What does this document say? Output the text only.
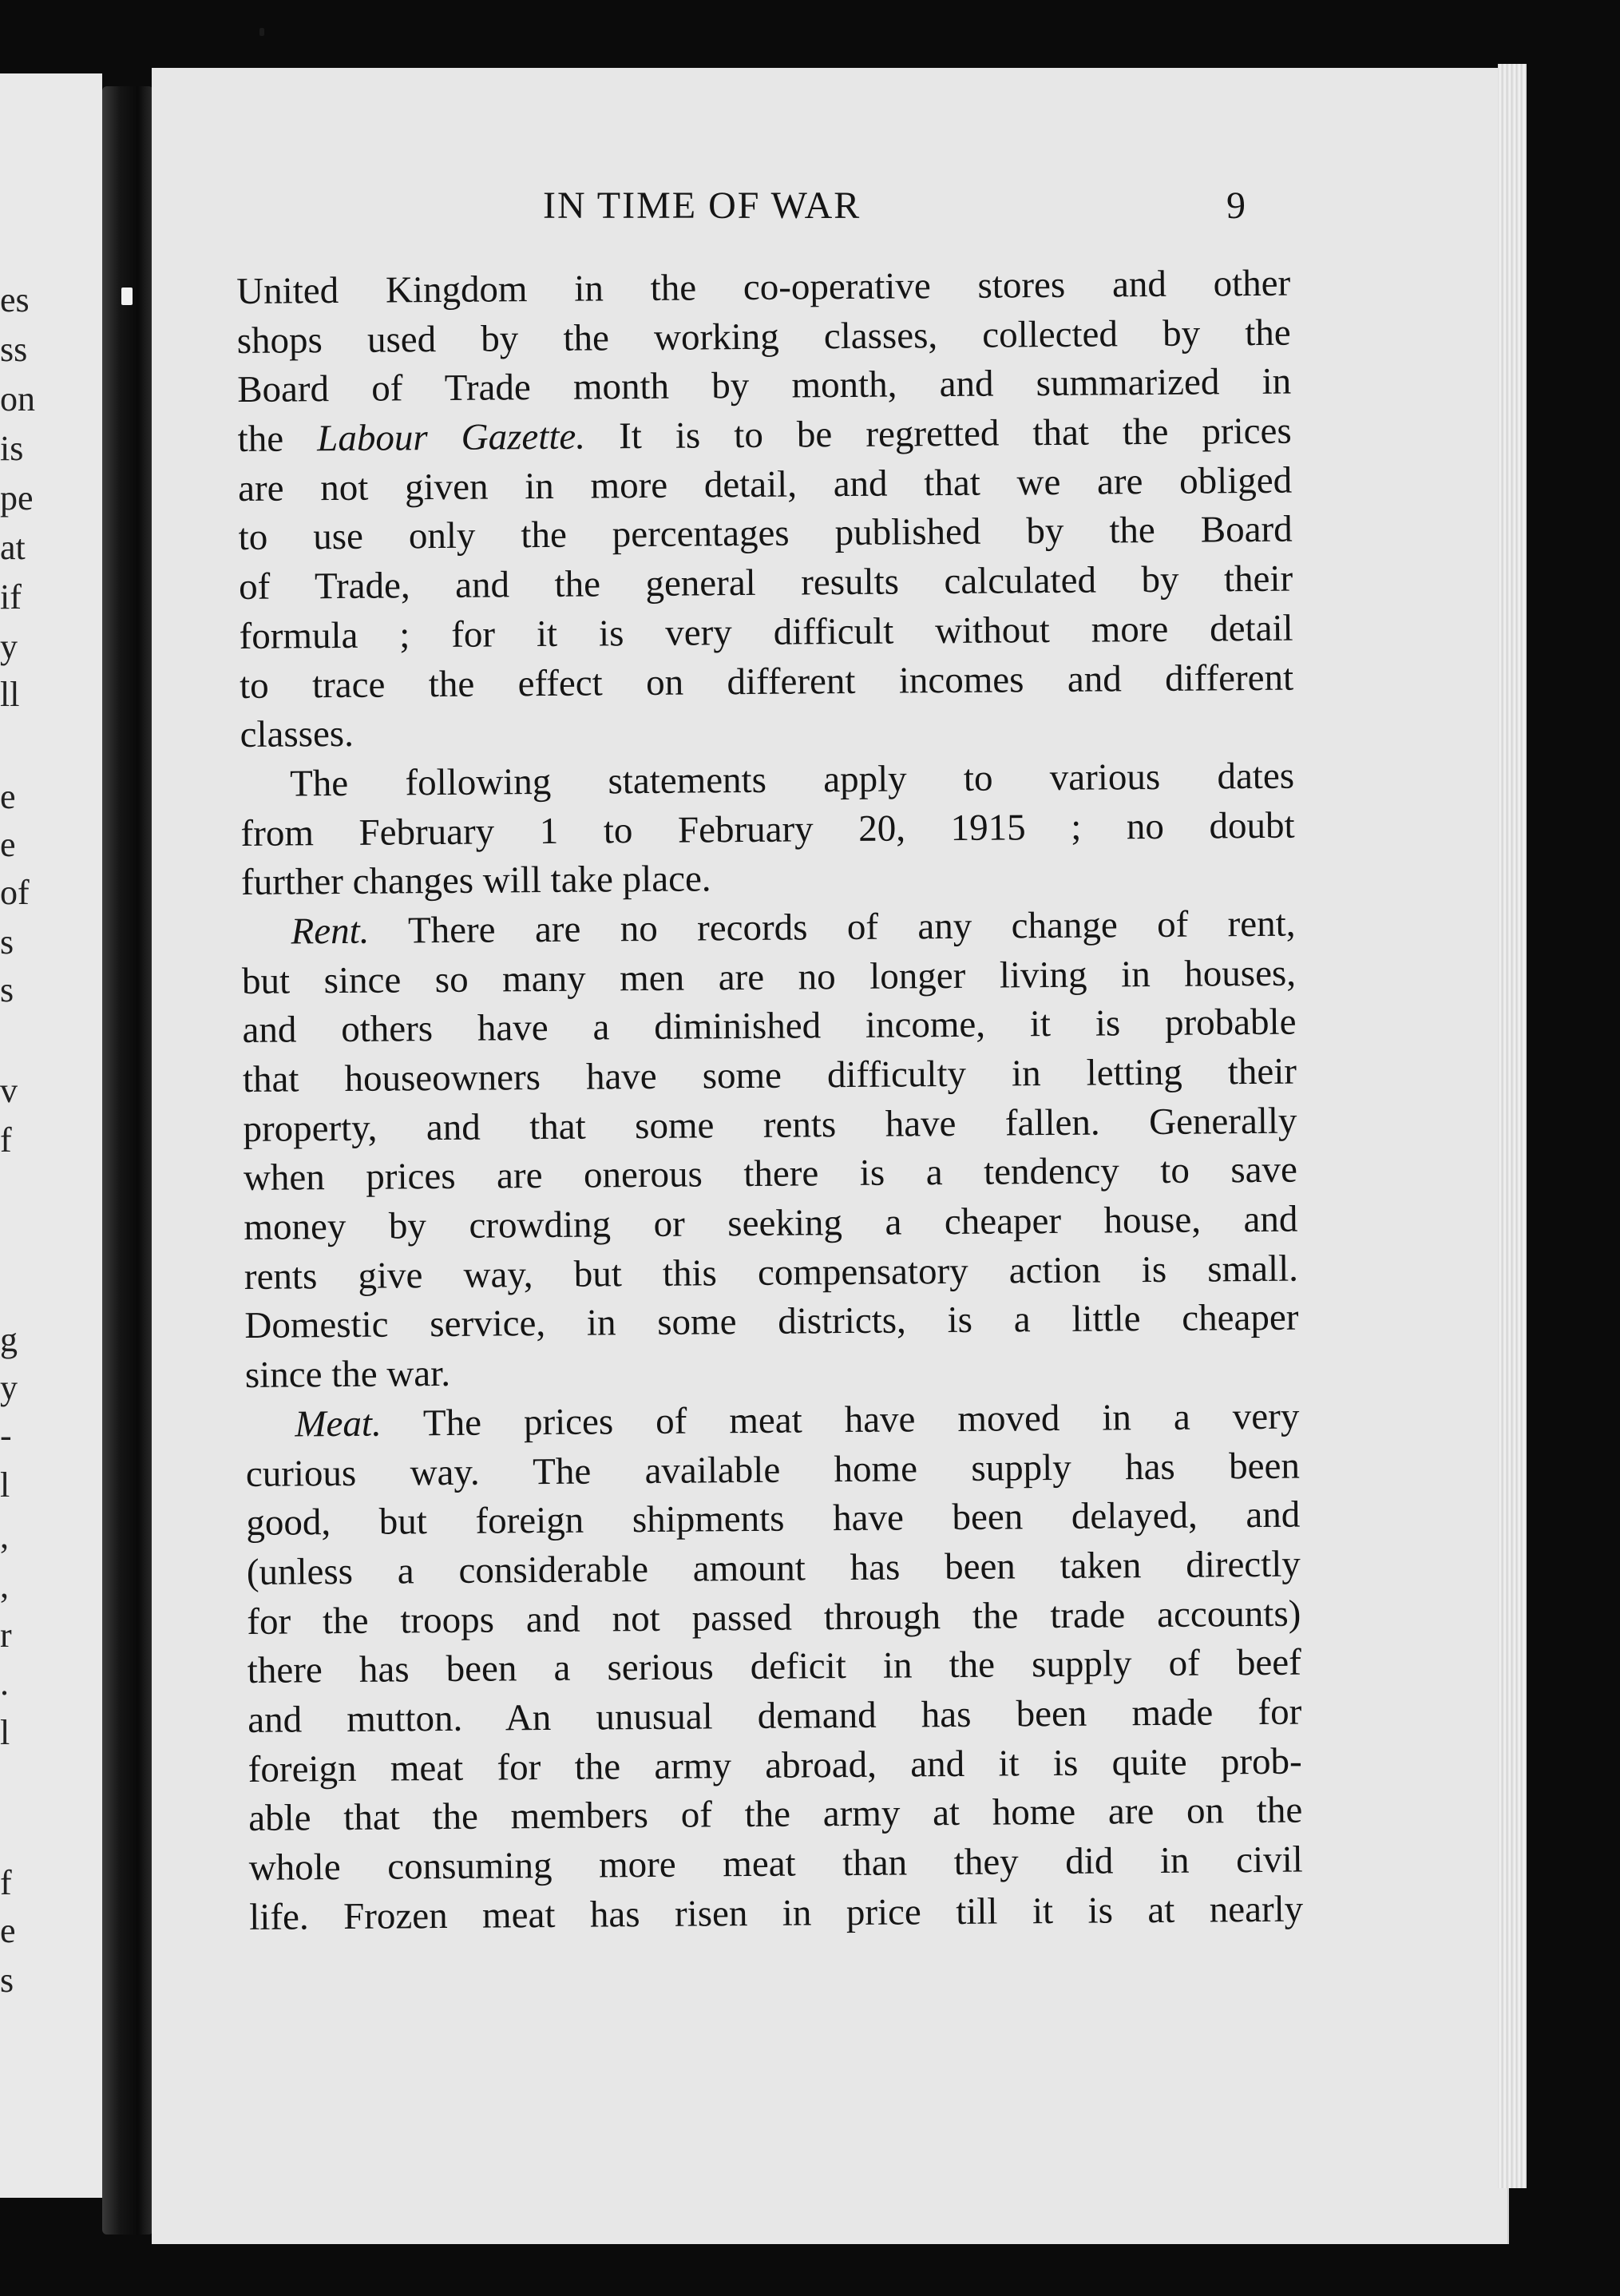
es
ss
on
is
pe
at
if
y
ll
e
e
of
s
s
v
f
g
y
-
l
,
,
r
.
l
f
e
s
IN TIME OF WAR	9
United Kingdom in the co-operative stores and other
shops used by the working classes, collected by the
Board of Trade month by month, and summarized in
the Labour Gazette. It is to be regretted that the prices
are not given in more detail, and that we are obliged
to use only the percentages published by the Board
of Trade, and the general results calculated by their
formula ; for it is very difficult without more detail
to trace the effect on different incomes and different
classes.
The following statements apply to various dates
from February 1 to February 20, 1915 ; no doubt
further changes will take place.
Rent. There are no records of any change of rent,
but since so many men are no longer living in houses,
and others have a diminished income, it is probable
that houseowners have some difficulty in letting their
property, and that some rents have fallen. Generally
when prices are onerous there is a tendency to save
money by crowding or seeking a cheaper house, and
rents give way, but this compensatory action is small.
Domestic service, in some districts, is a little cheaper
since the war.
Meat. The prices of meat have moved in a very
curious way. The available home supply has been
good, but foreign shipments have been delayed, and
(unless a considerable amount has been taken directly
for the troops and not passed through the trade accounts)
there has been a serious deficit in the supply of beef
and mutton. An unusual demand has been made for
foreign meat for the army abroad, and it is quite prob-
able that the members of the army at home are on the
whole consuming more meat than they did in civil
life. Frozen meat has risen in price till it is at nearly
